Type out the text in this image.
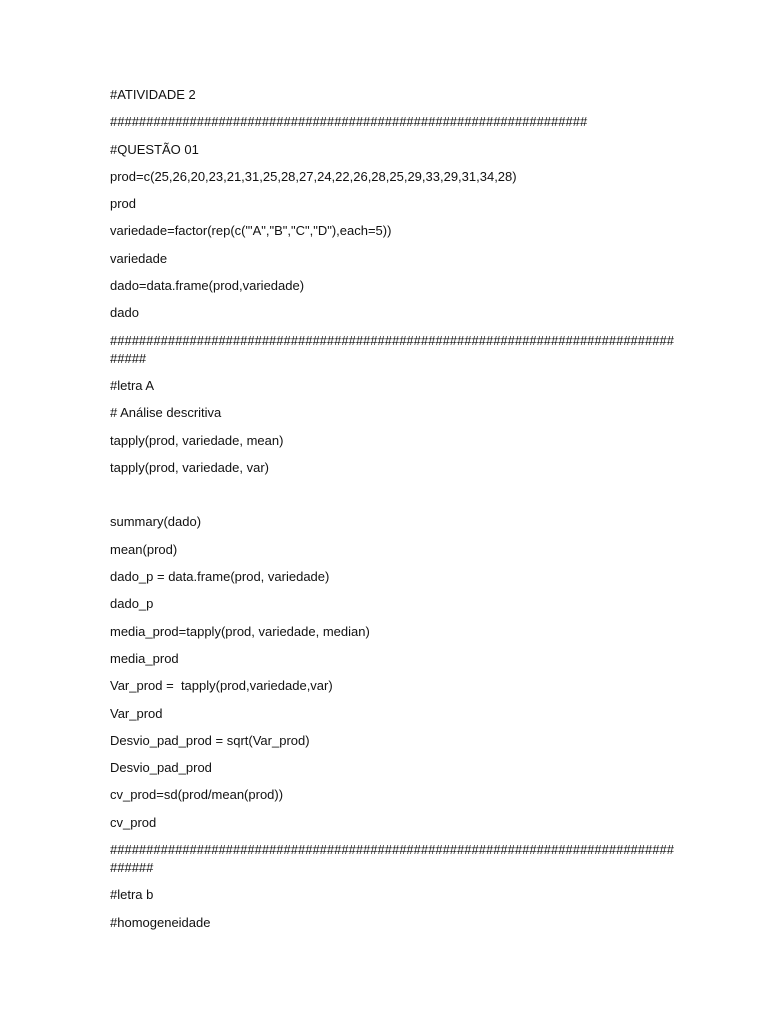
#ATIVIDADE 2
##################################################################
#QUESTÃO 01
prod=c(25,26,20,23,21,31,25,28,27,24,22,26,28,25,29,33,29,31,34,28)
prod
variedade=factor(rep(c("'A","B","C","D"),each=5))
variedade
dado=data.frame(prod,variedade)
dado
##############################################################################
#####
#letra A
# Análise descritiva
tapply(prod, variedade, mean)
tapply(prod, variedade, var)
summary(dado)
mean(prod)
dado_p = data.frame(prod, variedade)
dado_p
media_prod=tapply(prod, variedade, median)
media_prod
Var_prod =  tapply(prod,variedade,var)
Var_prod
Desvio_pad_prod = sqrt(Var_prod)
Desvio_pad_prod
cv_prod=sd(prod/mean(prod))
cv_prod
##############################################################################
######
#letra b
#homogeneidade
